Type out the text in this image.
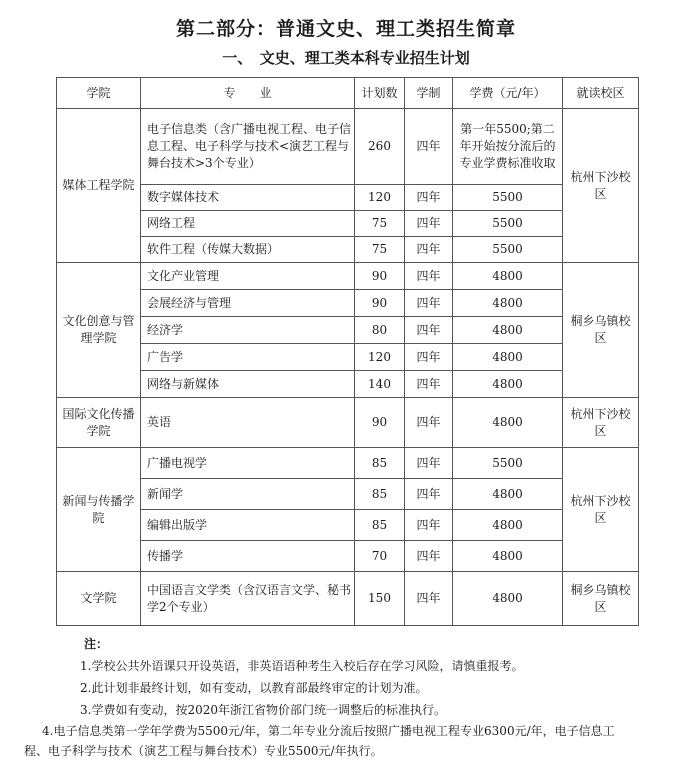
第二部分：普通文史、理工类招生简章
一、　文史、理工类本科专业招生计划
学院	专　　业	计划数	学制	学费（元/年）	就读校区
媒体工程学院	电子信息类（含广播电视工程、电子信息工程、电子科学与技术<演艺工程与舞台技术>3个专业）	260	四年	第一年5500;第二年开始按分流后的专业学费标准收取	杭州下沙校区
	数字媒体技术	120	四年	5500	
	网络工程	75	四年	5500	
	软件工程（传媒大数据）	75	四年	5500	
文化创意与管理学院	文化产业管理	90	四年	4800	桐乡乌镇校区
	会展经济与管理	90	四年	4800	
	经济学	80	四年	4800	
	广告学	120	四年	4800	
	网络与新媒体	140	四年	4800	
国际文化传播学院	英语	90	四年	4800	杭州下沙校区
新闻与传播学院	广播电视学	85	四年	5500	杭州下沙校区
	新闻学	85	四年	4800	
	编辑出版学	85	四年	4800	
	传播学	70	四年	4800	
文学院	中国语言文学类（含汉语言文学、秘书学2个专业）	150	四年	4800	桐乡乌镇校区
注：
1.学校公共外语课只开设英语，非英语语种考生入校后存在学习风险，请慎重报考。
2.此计划非最终计划，如有变动，以教育部最终审定的计划为准。
3.学费如有变动，按2020年浙江省物价部门统一调整后的标准执行。
4.电子信息类第一学年学费为5500元/年，第二年专业分流后按照广播电视工程专业6300元/年，电子信息工程、电子科学与技术（演艺工程与舞台技术）专业5500元/年执行。
